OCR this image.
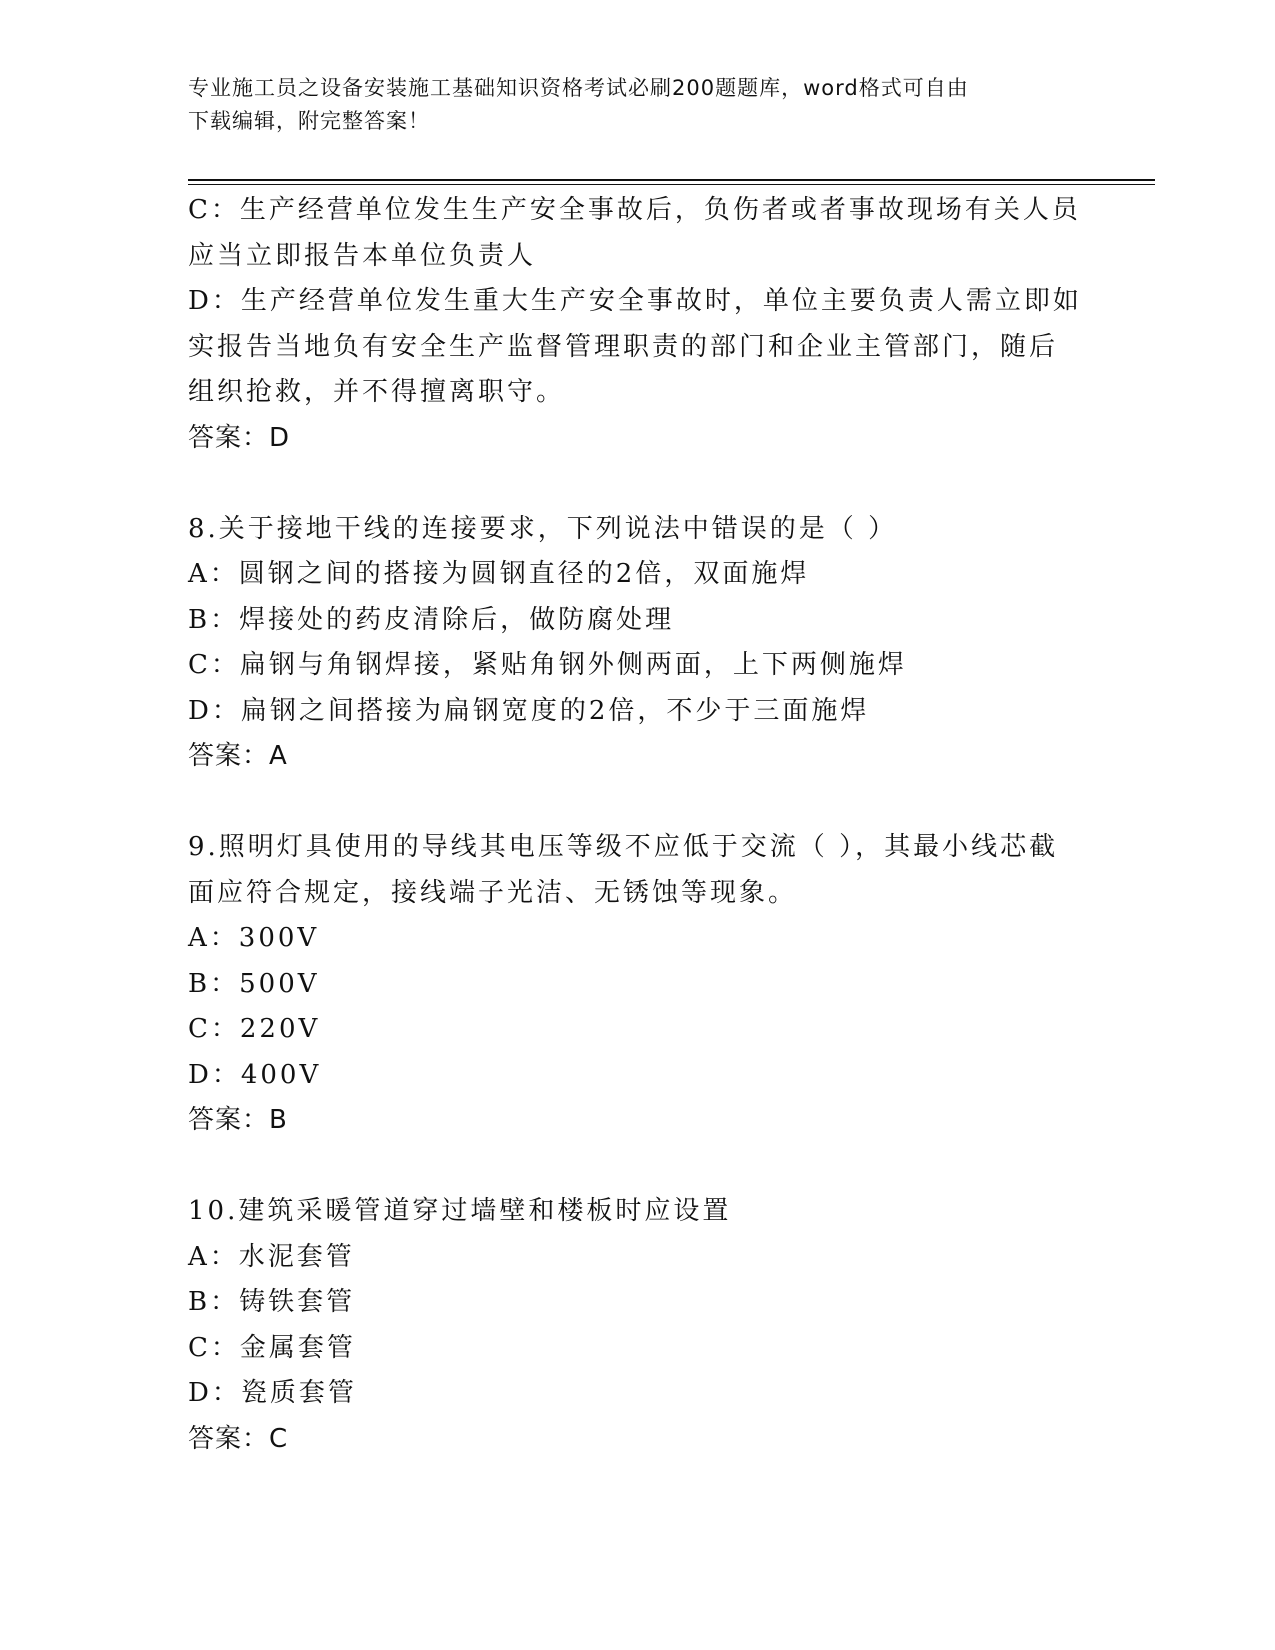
专业施工员之设备安装施工基础知识资格考试必刷200题题库，word格式可自由
下载编辑，附完整答案！
C：生产经营单位发生生产安全事故后，负伤者或者事故现场有关人员
应当立即报告本单位负责人
D：生产经营单位发生重大生产安全事故时，单位主要负责人需立即如
实报告当地负有安全生产监督管理职责的部门和企业主管部门，随后
组织抢救，并不得擅离职守。
答案：D
8.关于接地干线的连接要求，下列说法中错误的是（ ）
A：圆钢之间的搭接为圆钢直径的2倍，双面施焊
B：焊接处的药皮清除后，做防腐处理
C：扁钢与角钢焊接，紧贴角钢外侧两面，上下两侧施焊
D：扁钢之间搭接为扁钢宽度的2倍，不少于三面施焊
答案：A
9.照明灯具使用的导线其电压等级不应低于交流（ ），其最小线芯截
面应符合规定，接线端子光洁、无锈蚀等现象。
A：300V
B：500V
C：220V
D：400V
答案：B
10.建筑采暖管道穿过墙壁和楼板时应设置
A：水泥套管
B：铸铁套管
C：金属套管
D：瓷质套管
答案：C
